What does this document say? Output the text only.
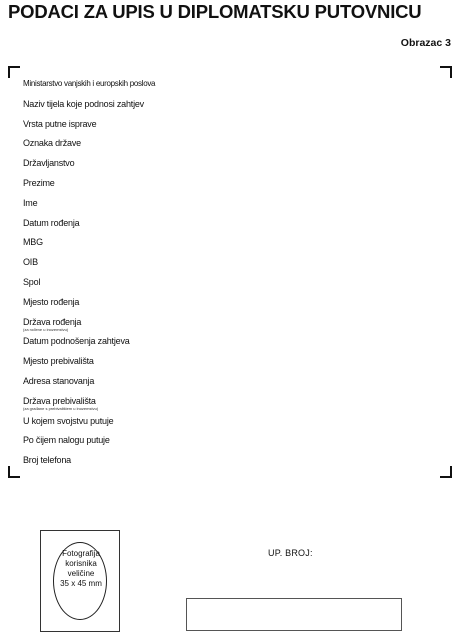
PODACI ZA UPIS U DIPLOMATSKU PUTOVNICU
Obrazac 3
Ministarstvo vanjskih i europskih poslova
Naziv tijela koje podnosi zahtjev
Vrsta putne isprave
Oznaka države
Državljanstvo
Prezime
Ime
Datum rođenja
MBG
OIB
Spol
Mjesto rođenja
Država rođenja
(za rođene u inozemstvu)
Datum podnošenja zahtjeva
Mjesto prebivališta
Adresa stanovanja
Država prebivališta
(za građane s prebivalištem u inozemstvu)
U kojem svojstvu putuje
Po čijem nalogu putuje
Broj telefona
Fotografija
korisnika
veličine
35 x 45 mm
UP. BROJ:
